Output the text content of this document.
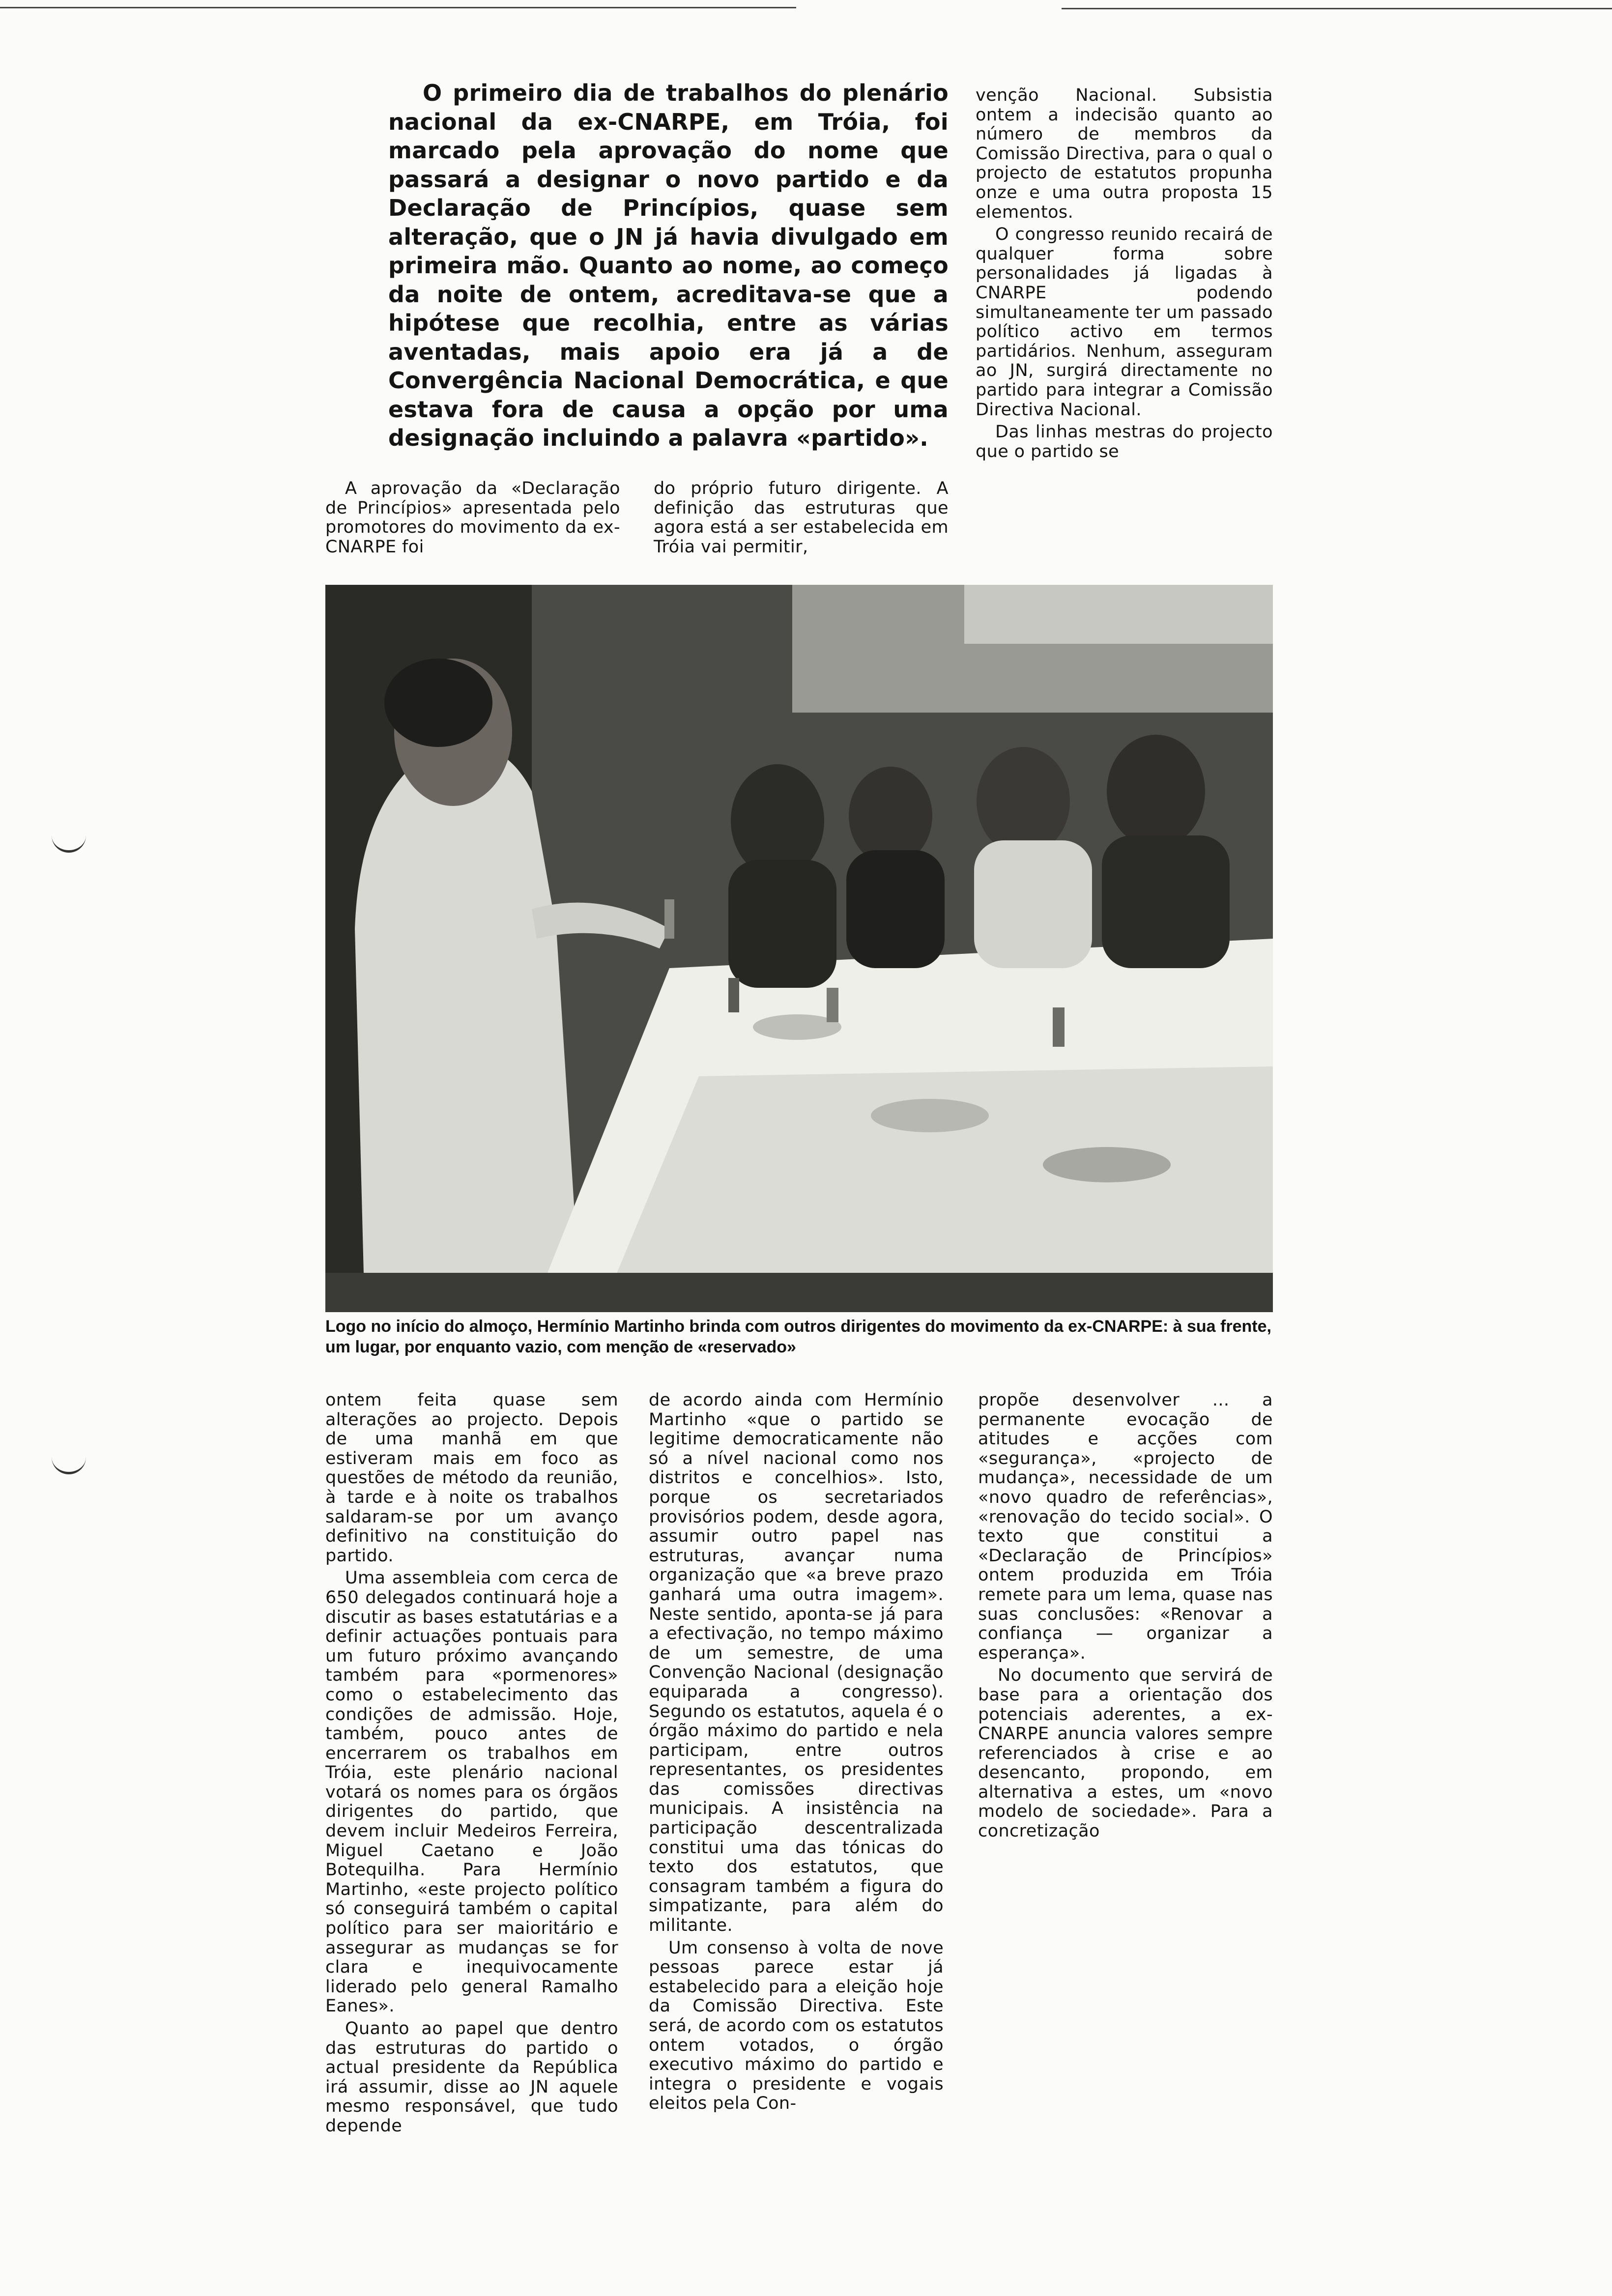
O primeiro dia de trabalhos do plenário nacional da ex-CNARPE, em Tróia, foi marcado pela aprovação do nome que passará a designar o novo partido e da Declaração de Princípios, quase sem alteração, que o JN já havia divulgado em primeira mão. Quanto ao nome, ao começo da noite de ontem, acreditava-se que a hipótese que recolhia, entre as várias aventadas, mais apoio era já a de Convergência Nacional Democrática, e que estava fora de causa a opção por uma designação incluindo a palavra «partido».

A aprovação da «Declaração de Princípios» apresentada pelo promotores do movimento da ex-CNARPE foi

do próprio futuro dirigente. A definição das estruturas que agora está a ser estabelecida em Tróia vai permitir,

venção Nacional. Subsistia ontem a indecisão quanto ao número de membros da Comissão Directiva, para o qual o projecto de estatutos propunha onze e uma outra proposta 15 elementos.

O congresso reunido recairá de qualquer forma sobre personalidades já ligadas à CNARPE podendo simultaneamente ter um passado político activo em termos partidários. Nenhum, asseguram ao JN, surgirá directamente no partido para integrar a Comissão Directiva Nacional.

Das linhas mestras do projecto que o partido se

Logo no início do almoço, Hermínio Martinho brinda com outros dirigentes do movimento da ex-CNARPE: à sua frente, um lugar, por enquanto vazio, com menção de «reservado»

ontem feita quase sem alterações ao projecto. Depois de uma manhã em que estiveram mais em foco as questões de método da reunião, à tarde e à noite os trabalhos saldaram-se por um avanço definitivo na constituição do partido.

Uma assembleia com cerca de 650 delegados continuará hoje a discutir as bases estatutárias e a definir actuações pontuais para um futuro próximo avançando também para «pormenores» como o estabelecimento das condições de admissão. Hoje, também, pouco antes de encerrarem os trabalhos em Tróia, este plenário nacional votará os nomes para os órgãos dirigentes do partido, que devem incluir Medeiros Ferreira, Miguel Caetano e João Botequilha. Para Hermínio Martinho, «este projecto político só conseguirá também o capital político para ser maioritário e assegurar as mudanças se for clara e inequivocamente liderado pelo general Ramalho Eanes».

Quanto ao papel que dentro das estruturas do partido o actual presidente da República irá assumir, disse ao JN aquele mesmo responsável, que tudo depende

de acordo ainda com Hermínio Martinho «que o partido se legitime democraticamente não só a nível nacional como nos distritos e concelhios». Isto, porque os secretariados provisórios podem, desde agora, assumir outro papel nas estruturas, avançar numa organização que «a breve prazo ganhará uma outra imagem». Neste sentido, aponta-se já para a efectivação, no tempo máximo de um semestre, de uma Convenção Nacional (designação equiparada a congresso). Segundo os estatutos, aquela é o órgão máximo do partido e nela participam, entre outros representantes, os presidentes das comissões directivas municipais. A insistência na participação descentralizada constitui uma das tónicas do texto dos estatutos, que consagram também a figura do simpatizante, para além do militante.

Um consenso à volta de nove pessoas parece estar já estabelecido para a eleição hoje da Comissão Directiva. Este será, de acordo com os estatutos ontem votados, o órgão executivo máximo do partido e integra o presidente e vogais eleitos pela Con-

propõe desenvolver ... a permanente evocação de atitudes e acções com «segurança», «projecto de mudança», necessidade de um «novo quadro de referências», «renovação do tecido social». O texto que constitui a «Declaração de Princípios» ontem produzida em Tróia remete para um lema, quase nas suas conclusões: «Renovar a confiança — organizar a esperança».

No documento que servirá de base para a orientação dos potenciais aderentes, a ex-CNARPE anuncia valores sempre referenciados à crise e ao desencanto, propondo, em alternativa a estes, um «novo modelo de sociedade». Para a concretização
